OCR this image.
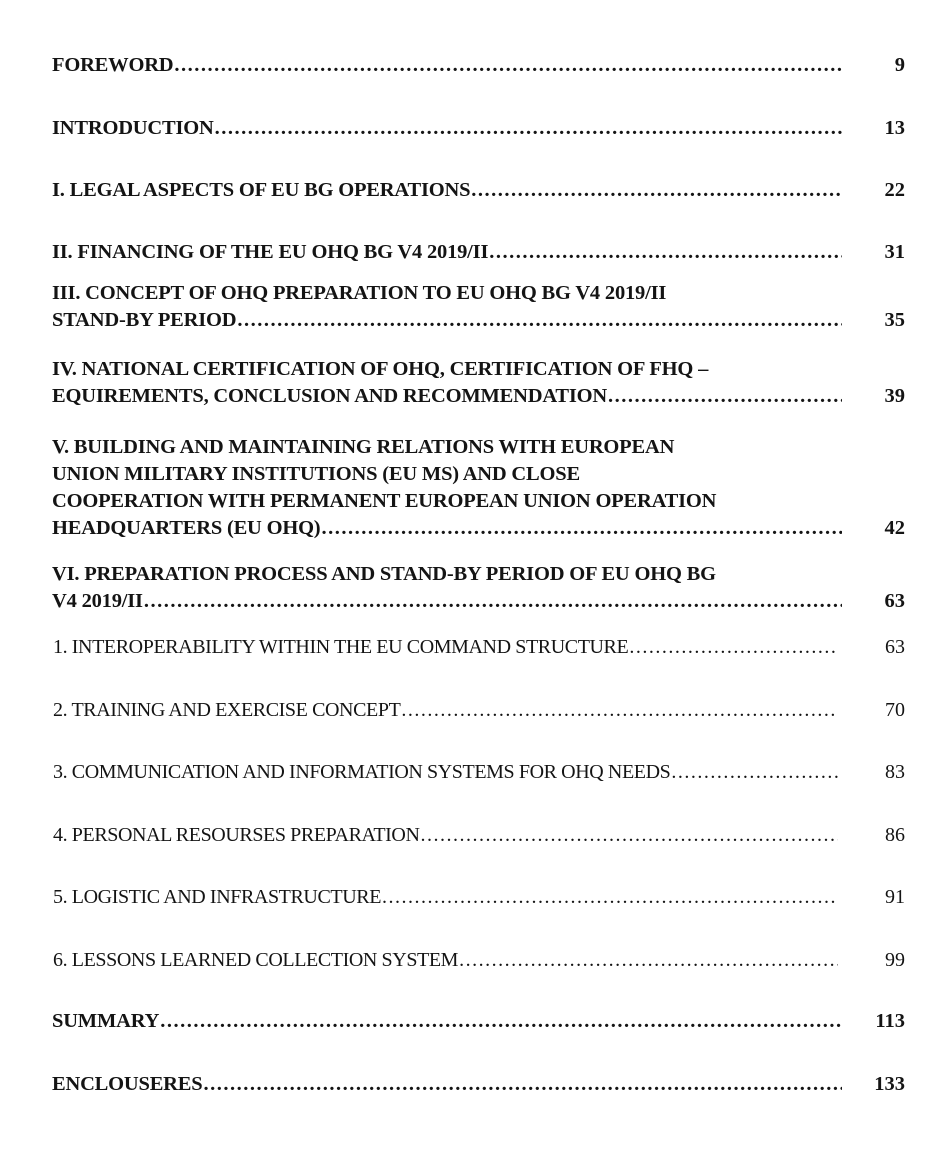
FOREWORD .....	9
INTRODUCTION .....	13
I. LEGAL ASPECTS OF EU BG OPERATIONS .....	22
II. FINANCING OF THE EU OHQ BG V4 2019/II .....	31
III. CONCEPT OF OHQ PREPARATION TO EU OHQ BG V4 2019/II
STAND-BY PERIOD .....	35
IV. NATIONAL CERTIFICATION OF OHQ, CERTIFICATION OF FHQ –
EQUIREMENTS, CONCLUSION AND RECOMMENDATION .....	39
V. BUILDING AND MAINTAINING RELATIONS WITH EUROPEAN
UNION MILITARY INSTITUTIONS (EU MS) AND CLOSE
COOPERATION WITH PERMANENT EUROPEAN UNION OPERATION
HEADQUARTERS (EU OHQ) .....	42
VI. PREPARATION PROCESS AND STAND-BY PERIOD OF EU OHQ BG
V4 2019/II .....	63
1. INTEROPERABILITY WITHIN THE EU COMMAND STRUCTURE .....	63
2. TRAINING AND EXERCISE CONCEPT .....	70
3. COMMUNICATION AND INFORMATION SYSTEMS FOR OHQ NEEDS .....	83
4. PERSONAL RESOURSES PREPARATION .....	86
5. LOGISTIC AND INFRASTRUCTURE .....	91
6. LESSONS LEARNED COLLECTION SYSTEM .....	99
SUMMARY .....	113
ENCLOUSERES .....	133
